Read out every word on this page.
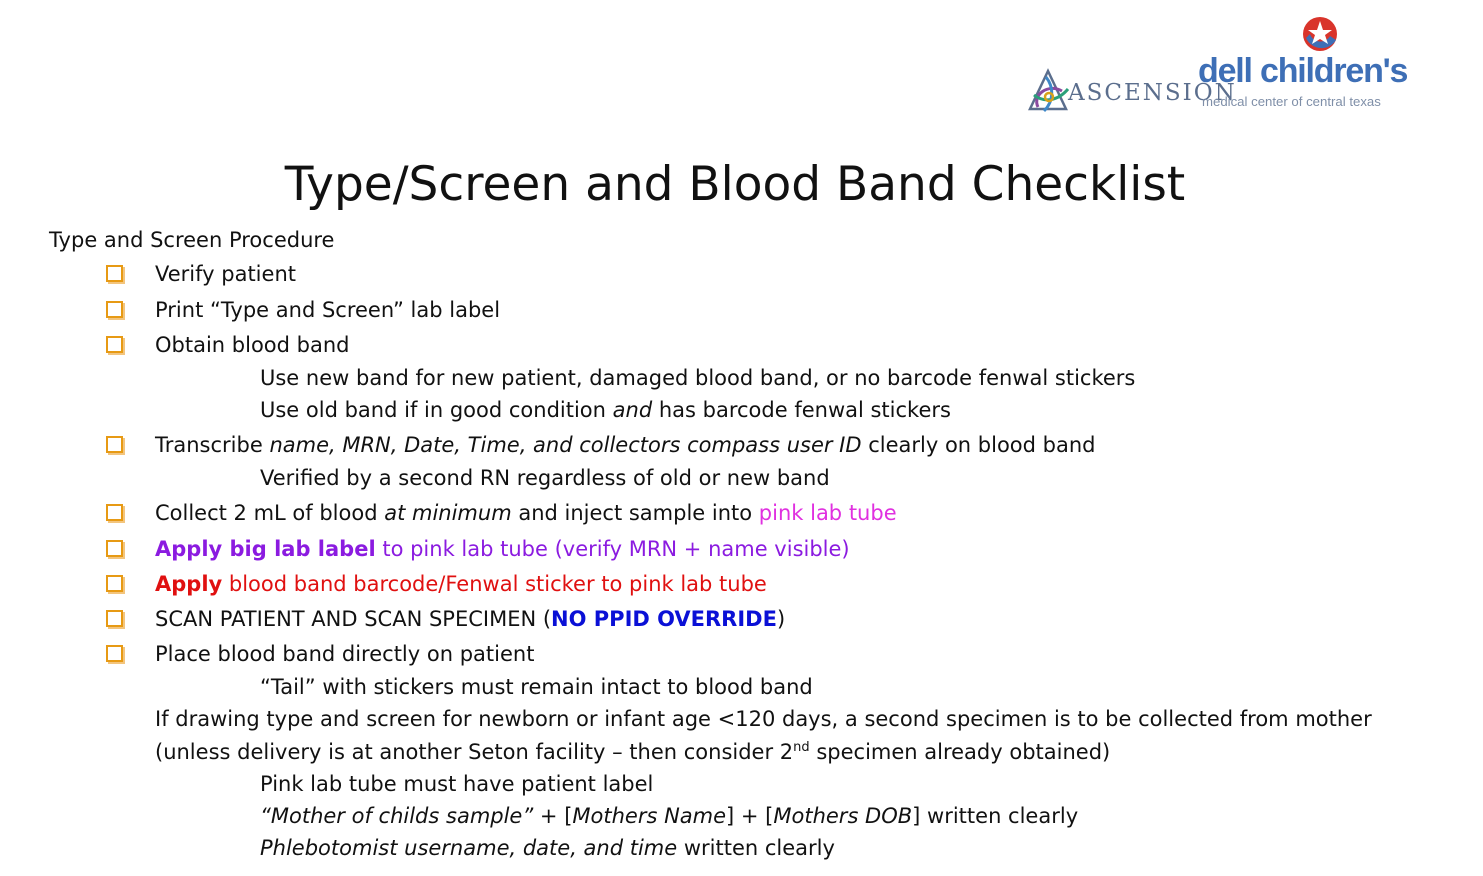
ASCENSION
dell children's
medical center of central texas
Type/Screen and Blood Band Checklist
Type and Screen Procedure
Verify patient
Print “Type and Screen” lab label
Obtain blood band
Use new band for new patient, damaged blood band, or no barcode fenwal stickers
Use old band if in good condition and has barcode fenwal stickers
Transcribe name, MRN, Date, Time, and collectors compass user ID clearly on blood band
Verified by a second RN regardless of old or new band
Collect 2 mL of blood at minimum and inject sample into pink lab tube
Apply big lab label to pink lab tube (verify MRN + name visible)
Apply blood band barcode/Fenwal sticker to pink lab tube
SCAN PATIENT AND SCAN SPECIMEN (NO PPID OVERRIDE)
Place blood band directly on patient
“Tail” with stickers must remain intact to blood band
If drawing type and screen for newborn or infant age <120 days, a second specimen is to be collected from mother
(unless delivery is at another Seton facility – then consider 2nd specimen already obtained)
Pink lab tube must have patient label
“Mother of childs sample” + [Mothers Name] + [Mothers DOB] written clearly
Phlebotomist username, date, and time written clearly
